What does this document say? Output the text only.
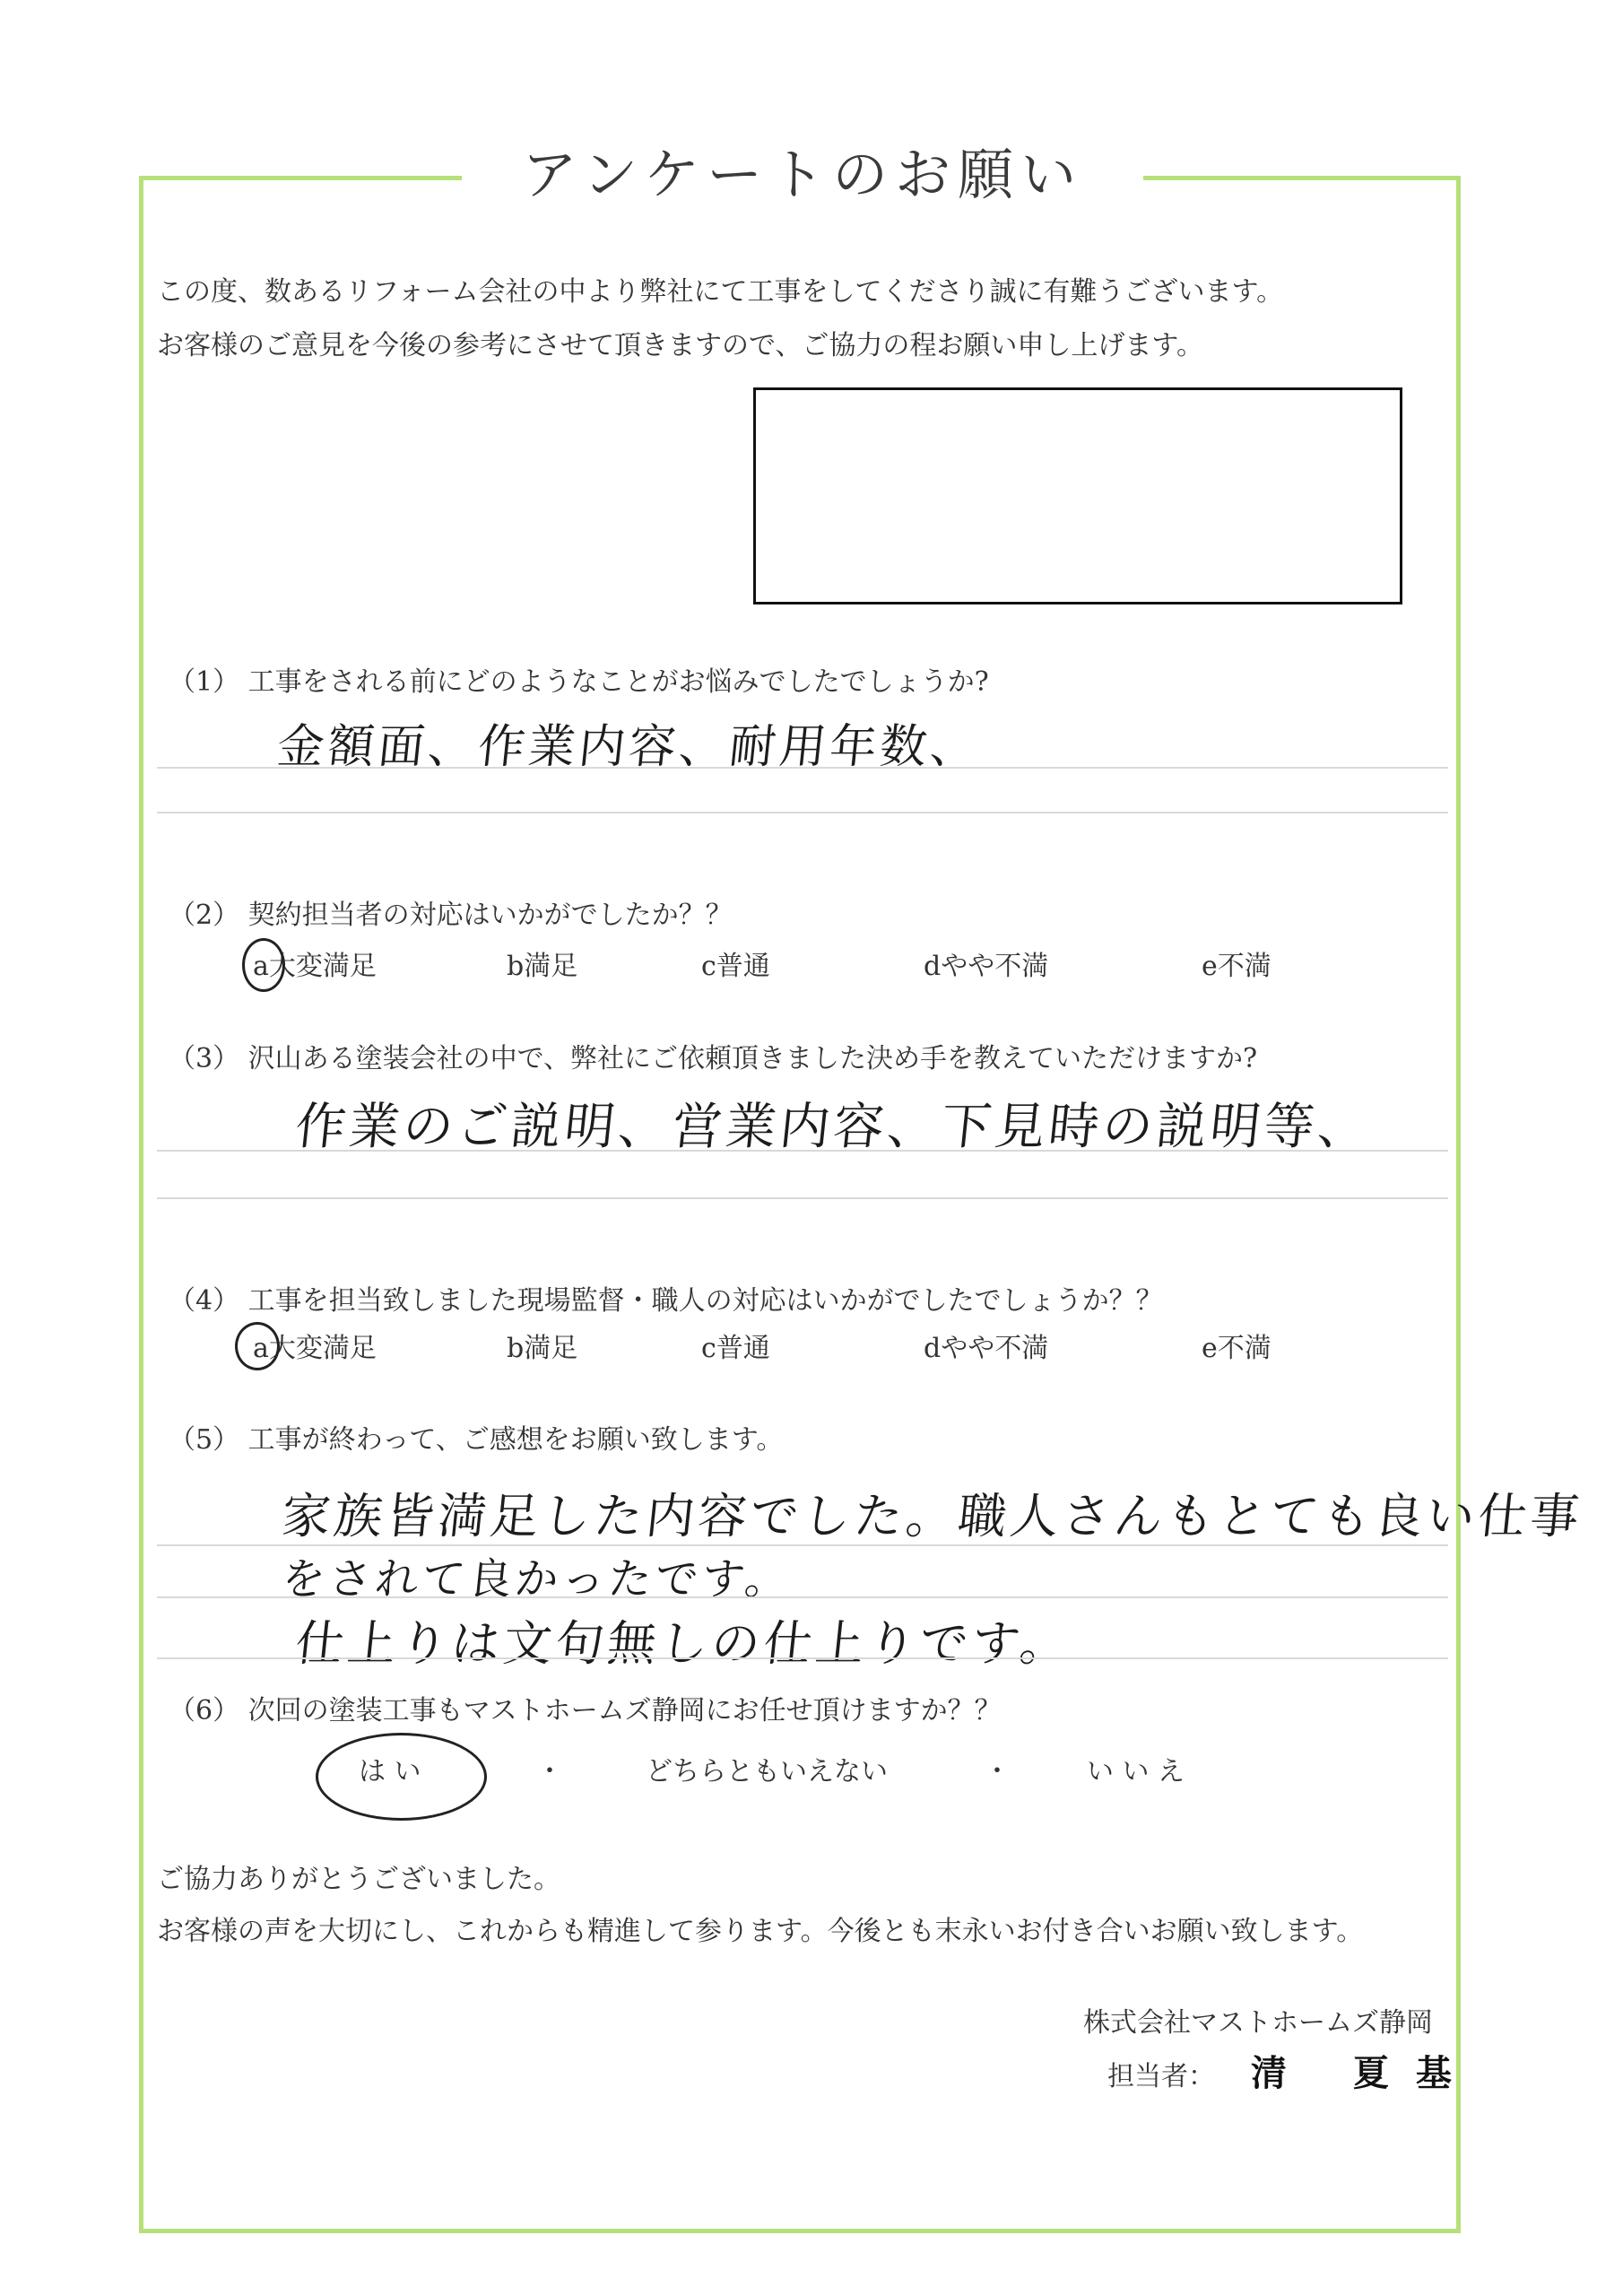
アンケートのお願い
この度、数あるリフォーム会社の中より弊社にて工事をしてくださり誠に有難うございます。
お客様のご意見を今後の参考にさせて頂きますので、ご協力の程お願い申し上げます。
（1） 工事をされる前にどのようなことがお悩みでしたでしょうか?
金額面、作業内容、耐用年数、
（2） 契約担当者の対応はいかがでしたか？？
a大変満足	b満足	c普通	dやや不満	e不満
（3） 沢山ある塗装会社の中で、弊社にご依頼頂きました決め手を教えていただけますか?
作業のご説明、営業内容、下見時の説明等、
（4） 工事を担当致しました現場監督・職人の対応はいかがでしたでしょうか？？
a大変満足	b満足	c普通	dやや不満	e不満
（5） 工事が終わって、ご感想をお願い致します。
家族皆満足した内容でした。職人さんもとても良い仕事
をされて良かったです。
仕上りは文句無しの仕上りです。
（6） 次回の塗装工事もマストホームズ静岡にお任せ頂けますか？？
は い	・	どちらともいえない	・	い い え
ご協力ありがとうございました。
お客様の声を大切にし、これからも精進して参ります。今後とも末永いお付き合いお願い致します。
株式会社マストホームズ静岡
担当者： 清 夏基
